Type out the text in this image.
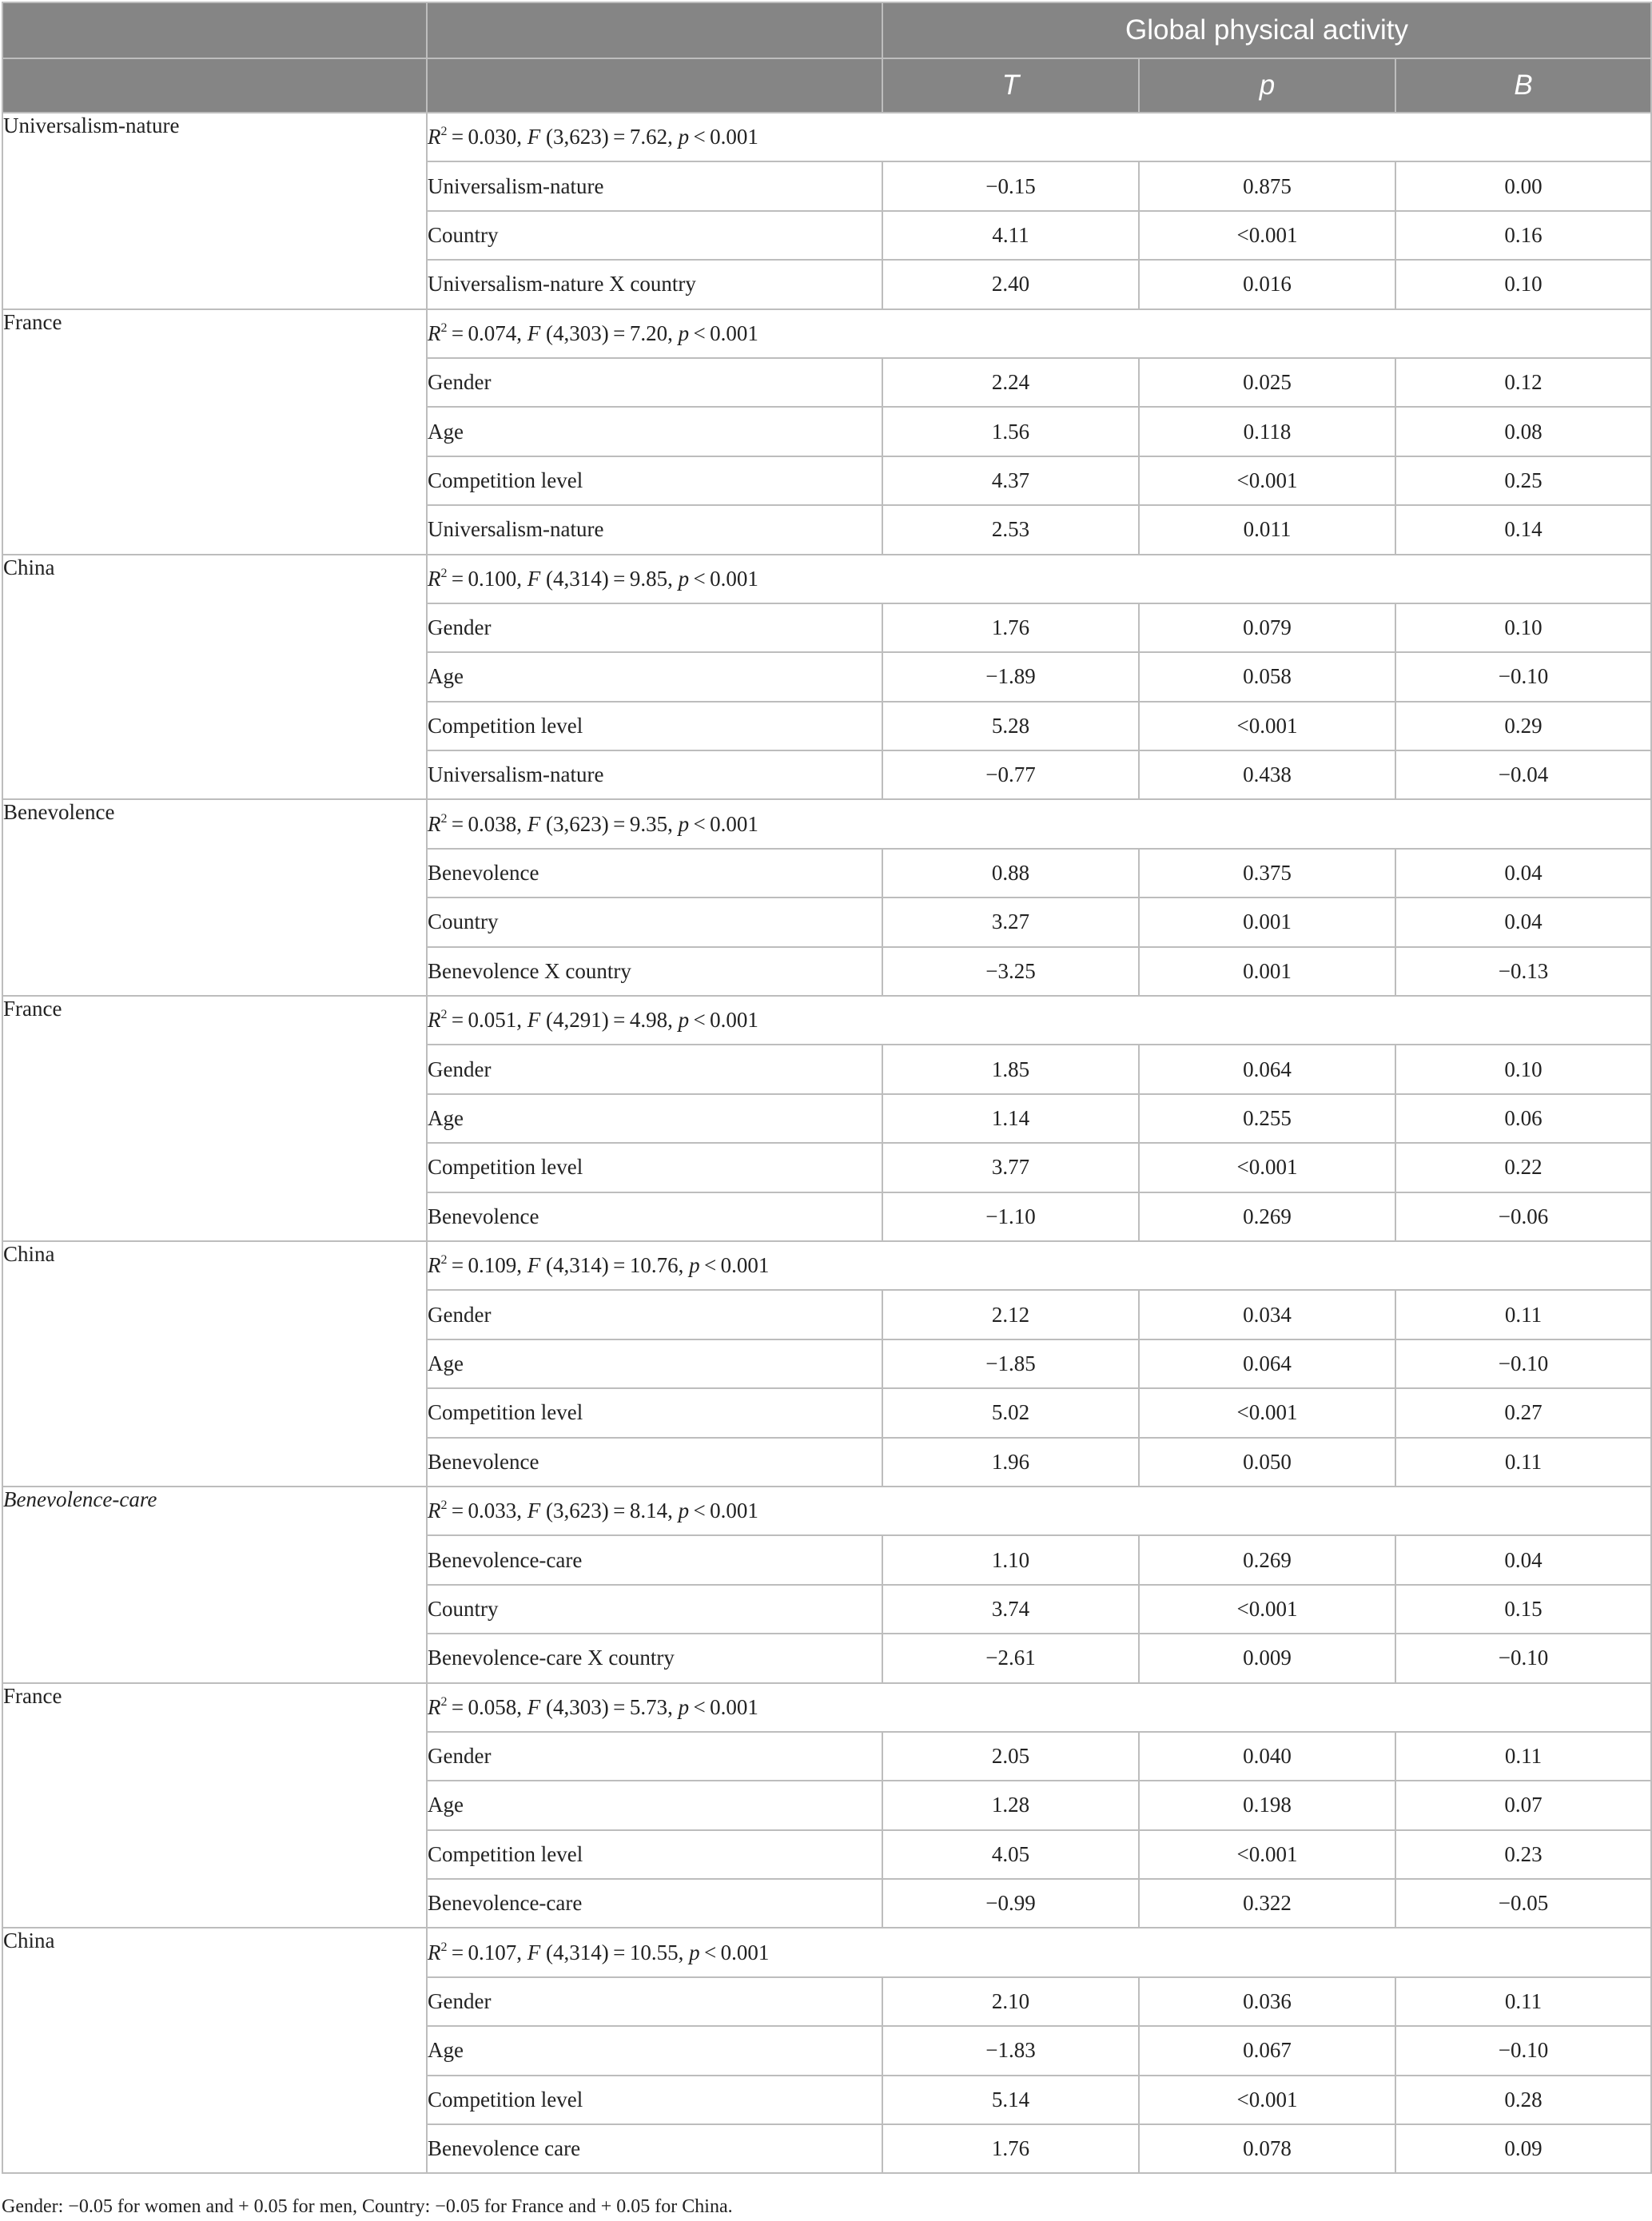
		Global physical activity		
		T	p	B
Universalism-nature	$R^2 = 0.030$, F (3,623) = 7.62, p < 0.001			
	Universalism-nature	−0.15	0.875	0.00
	Country	4.11	<0.001	0.16
	Universalism-nature X country	2.40	0.016	0.10
France	$R^2 = 0.074$, F (4,303) = 7.20, p < 0.001			
	Gender	2.24	0.025	0.12
	Age	1.56	0.118	0.08
	Competition level	4.37	<0.001	0.25
	Universalism-nature	2.53	0.011	0.14
China	$R^2 = 0.100$, F (4,314) = 9.85, p < 0.001			
	Gender	1.76	0.079	0.10
	Age	−1.89	0.058	−0.10
	Competition level	5.28	<0.001	0.29
	Universalism-nature	−0.77	0.438	−0.04
Benevolence	$R^2 = 0.038$, F (3,623) = 9.35, p < 0.001			
	Benevolence	0.88	0.375	0.04
	Country	3.27	0.001	0.04
	Benevolence X country	−3.25	0.001	−0.13
France	$R^2 = 0.051$, F (4,291) = 4.98, p < 0.001			
	Gender	1.85	0.064	0.10
	Age	1.14	0.255	0.06
	Competition level	3.77	<0.001	0.22
	Benevolence	−1.10	0.269	−0.06
China	$R^2 = 0.109$, F (4,314) = 10.76, p < 0.001			
	Gender	2.12	0.034	0.11
	Age	−1.85	0.064	−0.10
	Competition level	5.02	<0.001	0.27
	Benevolence	1.96	0.050	0.11
Benevolence-care	$R^2 = 0.033$, F (3,623) = 8.14, p < 0.001			
	Benevolence-care	1.10	0.269	0.04
	Country	3.74	<0.001	0.15
	Benevolence-care X country	−2.61	0.009	−0.10
France	$R^2 = 0.058$, F (4,303) = 5.73, p < 0.001			
	Gender	2.05	0.040	0.11
	Age	1.28	0.198	0.07
	Competition level	4.05	<0.001	0.23
	Benevolence-care	−0.99	0.322	−0.05
China	$R^2 = 0.107$, F (4,314) = 10.55, p < 0.001			
	Gender	2.10	0.036	0.11
	Age	−1.83	0.067	−0.10
	Competition level	5.14	<0.001	0.28
	Benevolence care	1.76	0.078	0.09
Gender: −0.05 for women and + 0.05 for men, Country: −0.05 for France and + 0.05 for China.
